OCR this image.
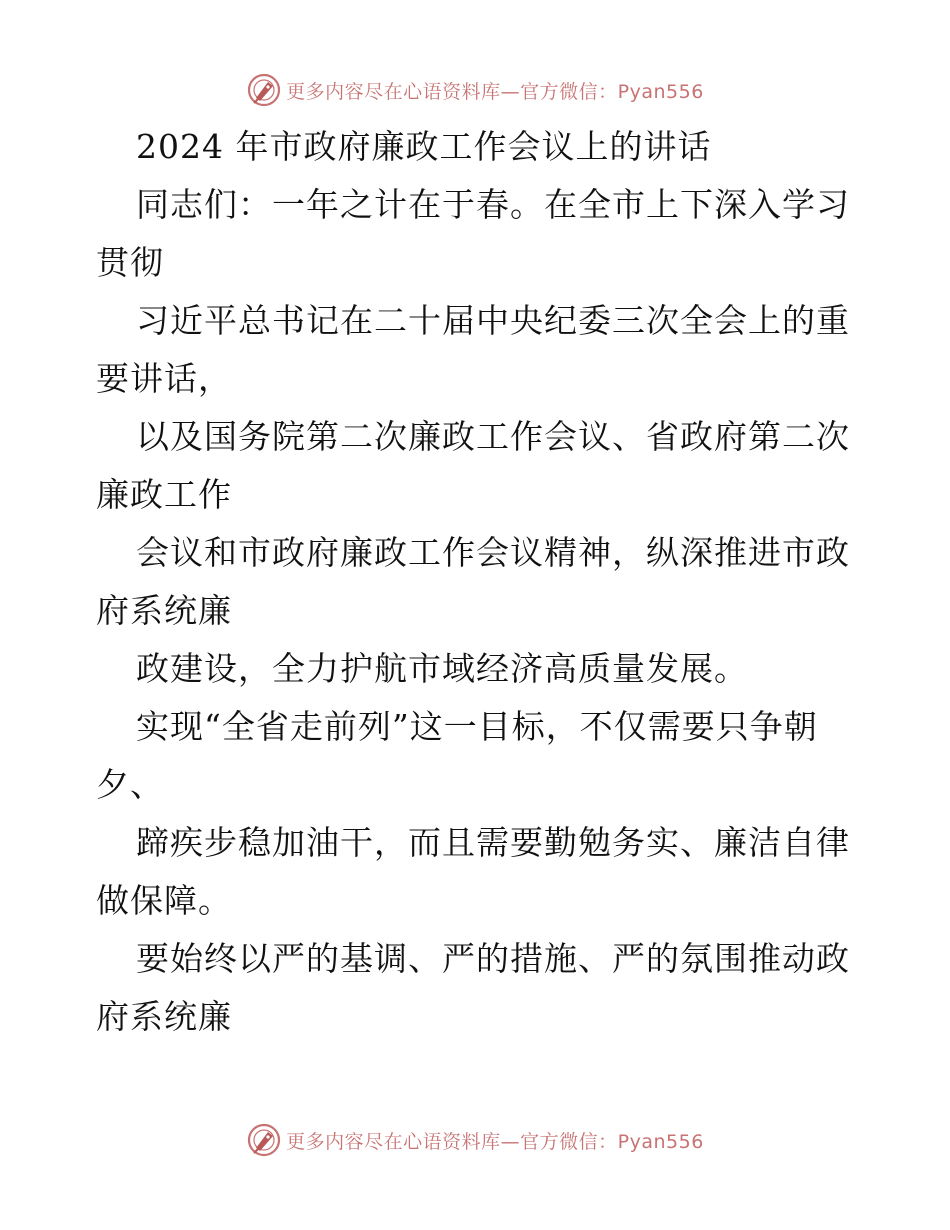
更多内容尽在心语资料库—官方微信：Pyan556
2024 年市政府廉政工作会议上的讲话
同志们：一年之计在于春。在全市上下深入学习
贯彻
习近平总书记在二十届中央纪委三次全会上的重
要讲话，
以及国务院第二次廉政工作会议、省政府第二次
廉政工作
会议和市政府廉政工作会议精神，纵深推进市政
府系统廉
政建设，全力护航市域经济高质量发展。
实现“全省走前列”这一目标，不仅需要只争朝
夕、
蹄疾步稳加油干，而且需要勤勉务实、廉洁自律
做保障。
要始终以严的基调、严的措施、严的氛围推动政
府系统廉
更多内容尽在心语资料库—官方微信：Pyan556
